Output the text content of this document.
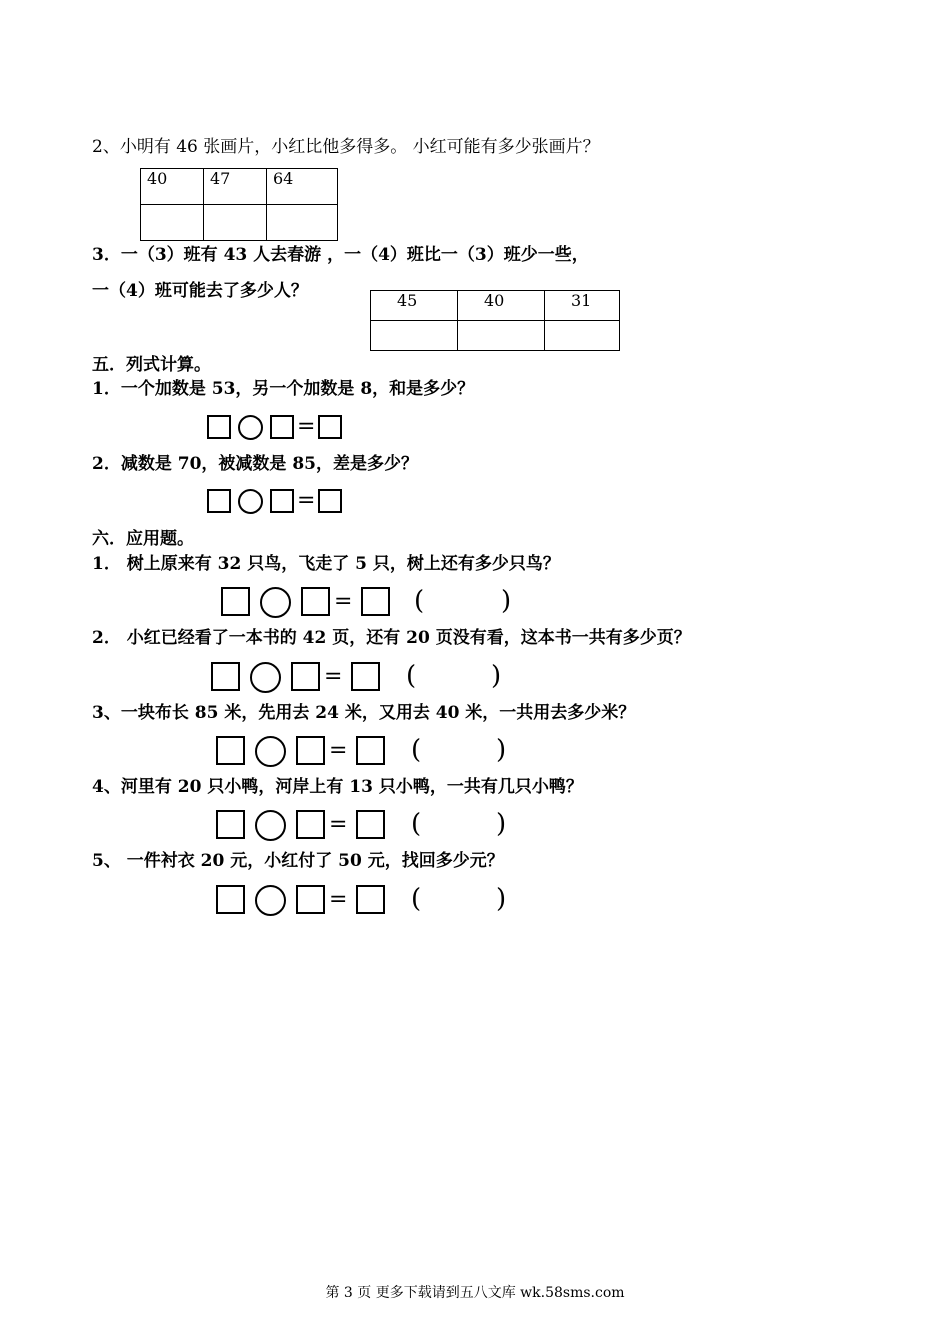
2、小明有 46 张画片，小红比他多得多。 小红可能有多少张画片？
40	47	64

3．一（3）班有 43 人去春游 ，一（4）班比一（3）班少一些，
一（4）班可能去了多少人？	45	40	31

五．列式计算。
1．一个加数是 53，另一个加数是 8，和是多少？
=
2．减数是 70，被减数是 85，差是多少？
=
六．应用题。
1． 树上原来有 32 只鸟，飞走了 5 只，树上还有多少只鸟？
= (	)
2． 小红已经看了一本书的 42 页，还有 20 页没有看，这本书一共有多少页？
= (	)
3、一块布长 85 米，先用去 24 米，又用去 40 米，一共用去多少米？
= (	)
4、河里有 20 只小鸭，河岸上有 13 只小鸭，一共有几只小鸭？
= (	)
5、 一件衬衣 20 元，小红付了 50 元，找回多少元？
= (	)
第 3 页 更多下载请到五八文库 wk.58sms.com
